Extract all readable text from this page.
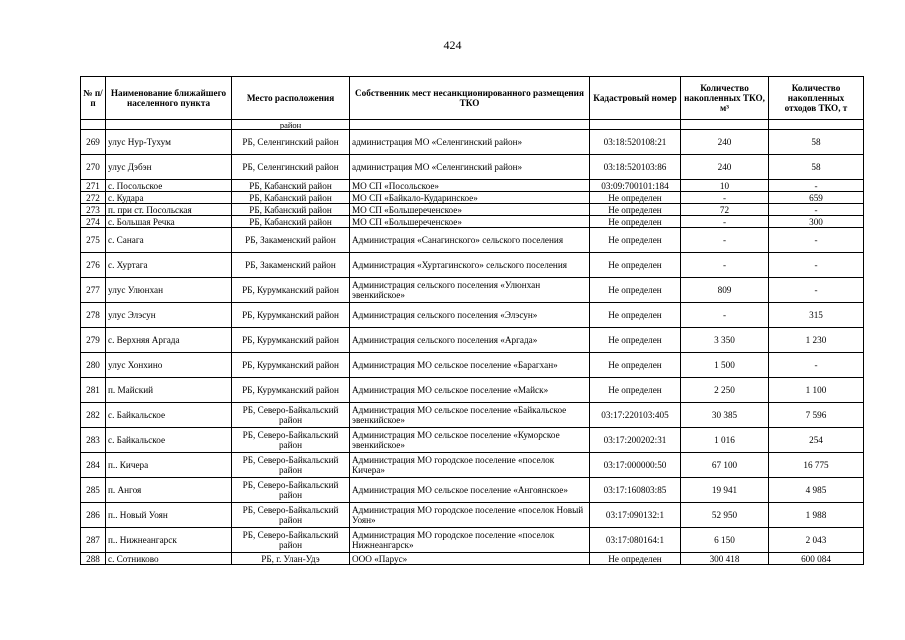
424
№ п/п	Наименование ближайшего населенного пункта	Место расположения	Собственник мест несанкционированного размещения ТКО	Кадастровый номер	Количество накопленных ТКО, м³	Количество накопленных отходов ТКО, т
		район				
269	улус Нур-Тухум	РБ, Селенгинский район	администрация МО «Селенгинский район»	03:18:520108:21	240	58
270	улус Дэбэн	РБ, Селенгинский район	администрация МО «Селенгинский район»	03:18:520103:86	240	58
271	с. Посольское	РБ, Кабанский район	МО СП «Посольское»	03:09:700101:184	10	-
272	с. Кудара	РБ, Кабанский район	МО СП «Байкало-Кударинское»	Не определен	-	659
273	п. при ст. Посольская	РБ, Кабанский район	МО СП «Большереченское»	Не определен	72	-
274	с. Большая Речка	РБ, Кабанский район	МО СП «Большереченское»	Не определен	-	300
275	с. Санага	РБ, Закаменский район	Администрация «Санагинского» сельского поселения	Не определен	-	-
276	с. Хуртага	РБ, Закаменский район	Администрация «Хуртагинского» сельского поселения	Не определен	-	-
277	улус Улюнхан	РБ, Курумканский район	Администрация сельского поселения «Улюнхан эвенкийское»	Не определен	809	-
278	улус Элэсун	РБ, Курумканский район	Администрация сельского поселения «Элэсун»	Не определен	-	315
279	с. Верхняя Аргада	РБ, Курумканский район	Администрация сельского поселения «Аргада»	Не определен	3 350	1 230
280	улус Хонхино	РБ, Курумканский район	Администрация МО сельское поселение «Барагхан»	Не определен	1 500	-
281	п. Майский	РБ, Курумканский район	Администрация МО сельское поселение «Майск»	Не определен	2 250	1 100
282	с. Байкальское	РБ, Северо-Байкальский район	Администрация МО сельское поселение «Байкальское эвенкийское»	03:17:220103:405	30 385	7 596
283	с. Байкальское	РБ, Северо-Байкальский район	Администрация МО сельское поселение «Куморское эвенкийское»	03:17:200202:31	1 016	254
284	п.. Кичера	РБ, Северо-Байкальский район	Администрация МО городское поселение «поселок Кичера»	03:17:000000:50	67 100	16 775
285	п. Ангоя	РБ, Северо-Байкальский район	Администрация МО сельское поселение «Ангоянское»	03:17:160803:85	19 941	4 985
286	п.. Новый Уоян	РБ, Северо-Байкальский район	Администрация МО городское поселение «поселок Новый Уоян»	03:17:090132:1	52 950	1 988
287	п.. Нижнеангарск	РБ, Северо-Байкальский район	Администрация МО городское поселение «поселок Нижнеангарск»	03:17:080164:1	6 150	2 043
288	с. Сотниково	РБ, г. Улан-Удэ	ООО «Парус»	Не определен	300 418	600 084
